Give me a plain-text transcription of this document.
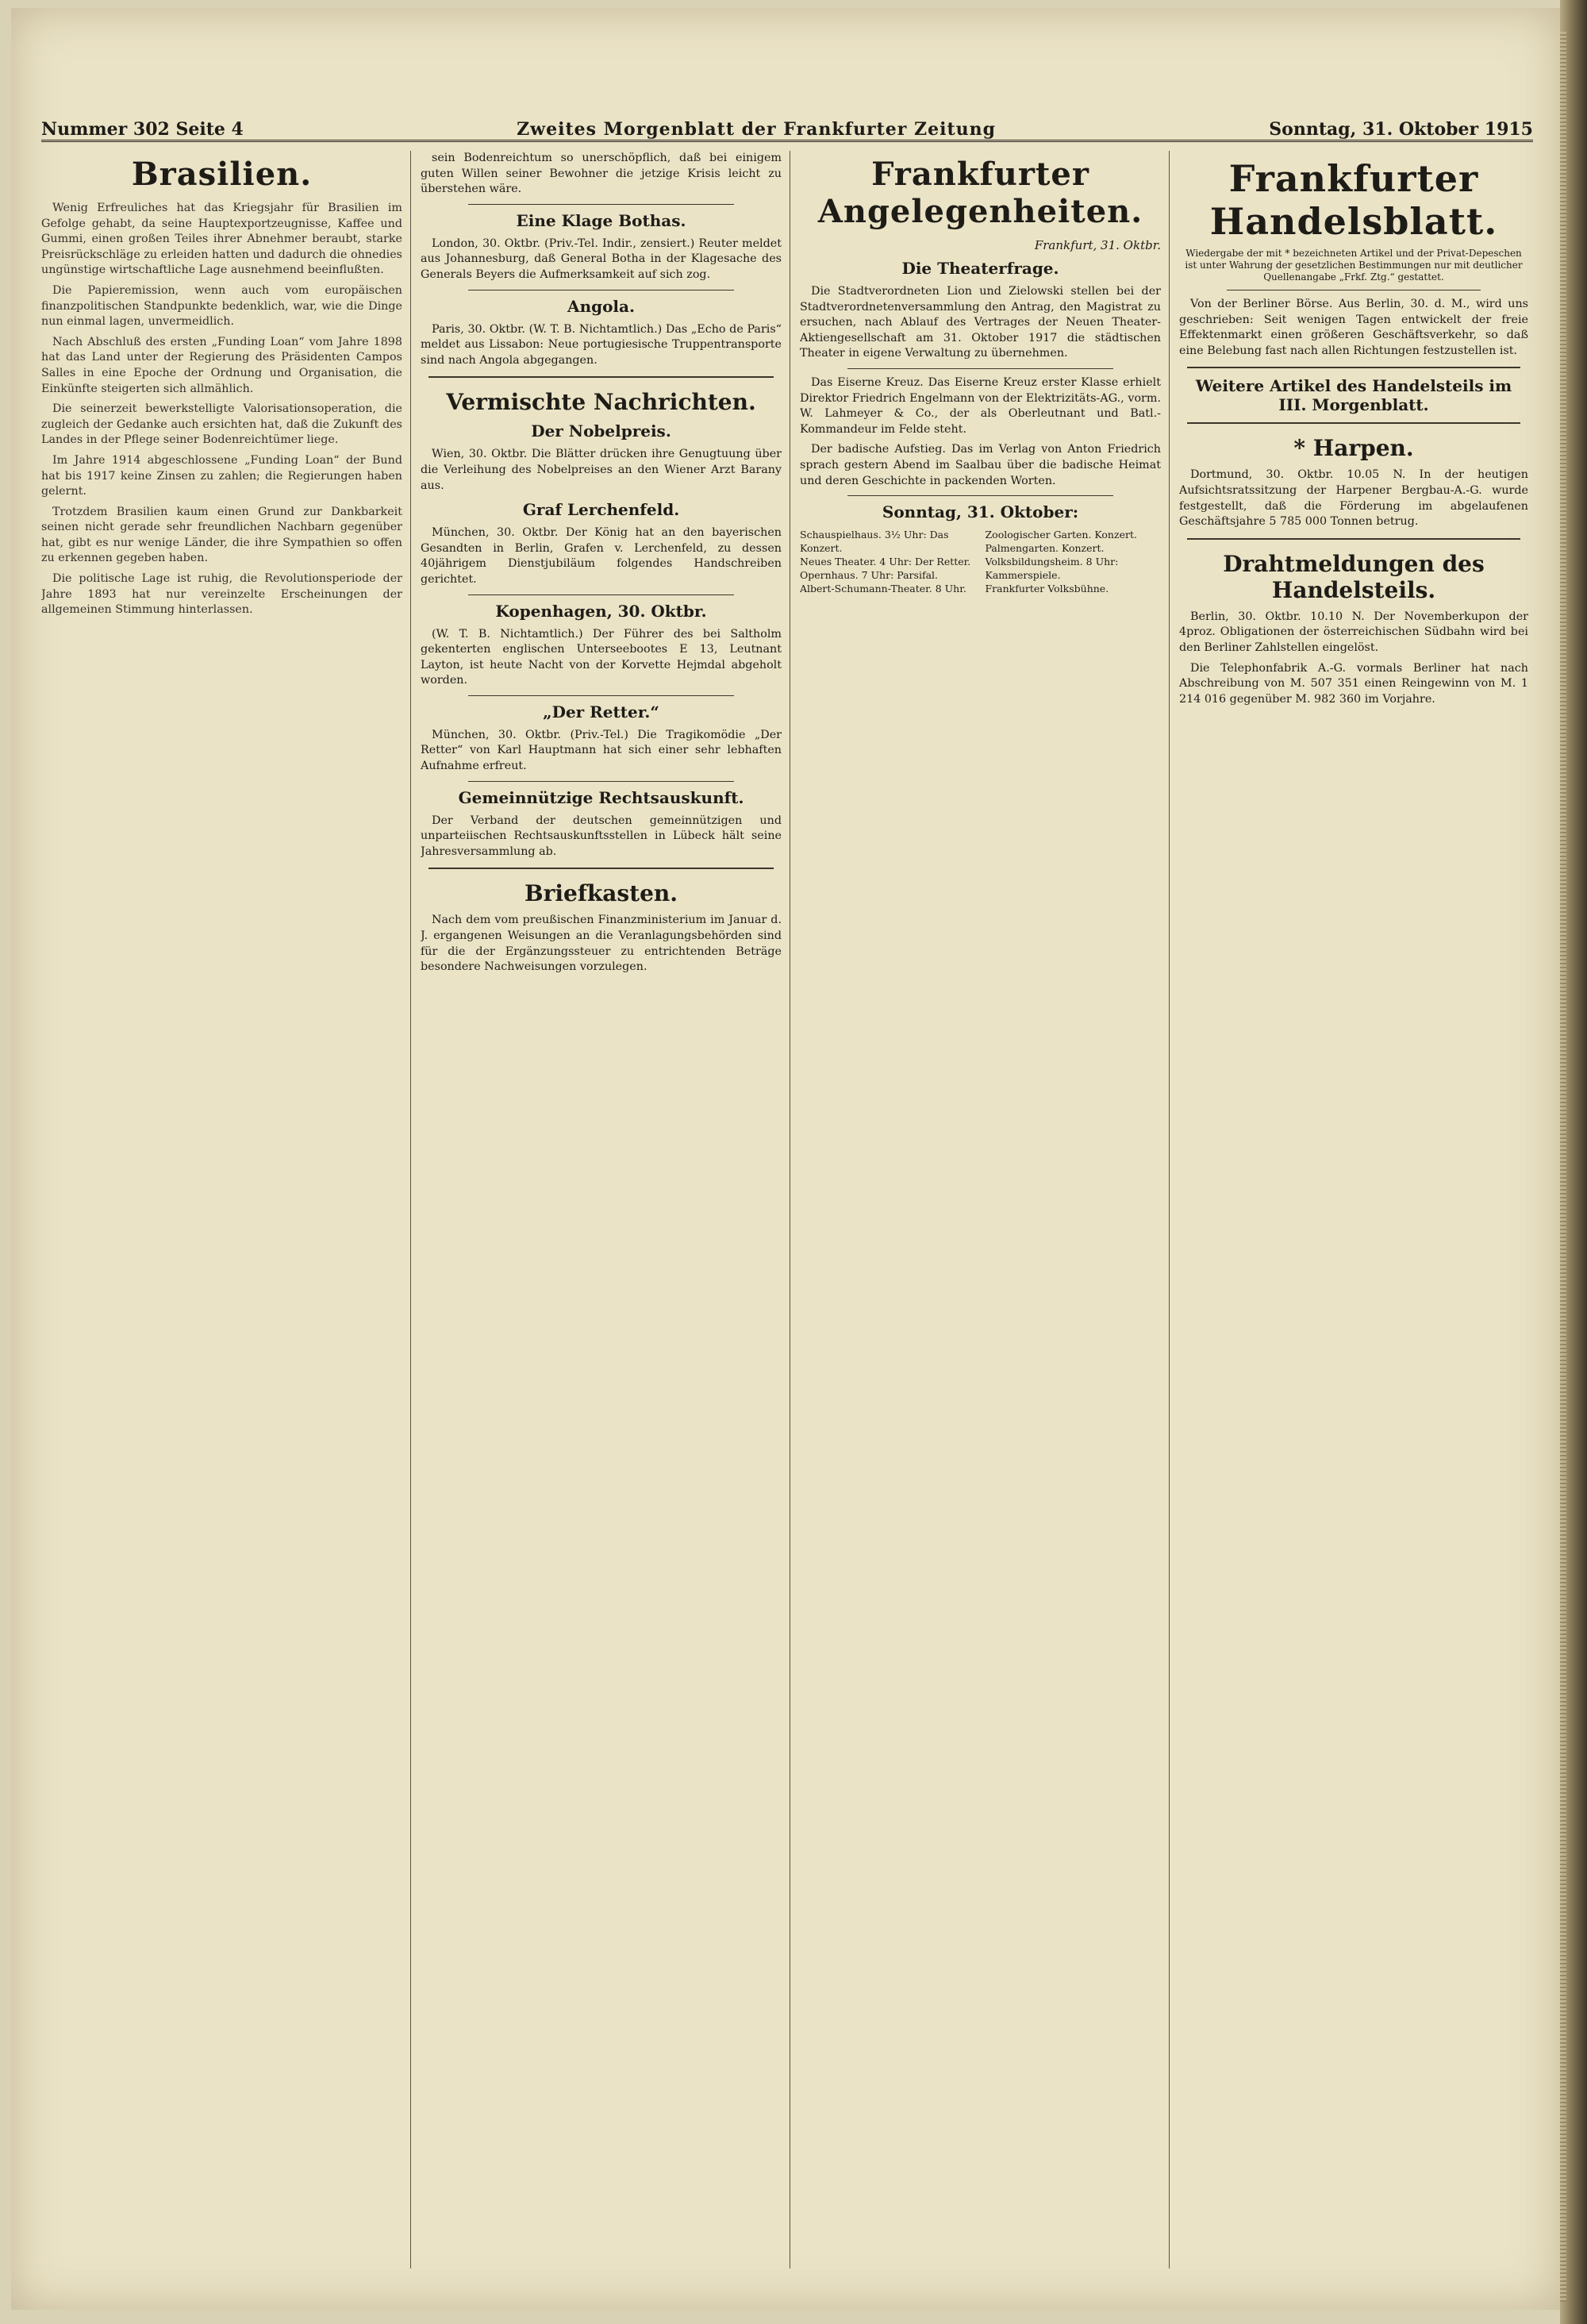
Nummer 302 Seite 4	Zweites Morgenblatt der Frankfurter Zeitung	Sonntag, 31. Oktober 1915
Brasilien.

Wenig Erfreuliches hat das Kriegsjahr für Brasilien im Gefolge gehabt, da seine Hauptexportzeugnisse, Kaffee und Gummi, einen großen Teiles ihrer Abnehmer beraubt, starke Preisrückschläge zu erleiden hatten und dadurch die ohnedies ungünstige wirtschaftliche Lage ausnehmend beeinflußten.

Die Papieremission, wenn auch vom europäischen finanzpolitischen Standpunkte bedenklich, war, wie die Dinge nun einmal lagen, unvermeidlich.

Nach Abschluß des ersten „Funding Loan“ vom Jahre 1898 hat das Land unter der Regierung des Präsidenten Campos Salles in eine Epoche der Ordnung und Organisation, die Einkünfte steigerten sich allmählich.

Die seinerzeit bewerkstelligte Valorisationsoperation, die zugleich der Gedanke auch ersichten hat, daß die Zukunft des Landes in der Pflege seiner Bodenreichtümer liege.

Im Jahre 1914 abgeschlossene „Funding Loan“ der Bund hat bis 1917 keine Zinsen zu zahlen; die Regierungen haben gelernt.

Trotzdem Brasilien kaum einen Grund zur Dankbarkeit seinen nicht gerade sehr freundlichen Nachbarn gegenüber hat, gibt es nur wenige Länder, die ihre Sympathien so offen zu erkennen gegeben haben.

Die politische Lage ist ruhig, die Revolutionsperiode der Jahre 1893 hat nur vereinzelte Erscheinungen der allgemeinen Stimmung hinterlassen.

sein Bodenreichtum so unerschöpflich, daß bei einigem guten Willen seiner Bewohner die jetzige Krisis leicht zu überstehen wäre.

Eine Klage Bothas.

London, 30. Oktbr. (Priv.-Tel. Indir., zensiert.) Reuter meldet aus Johannesburg, daß General Botha in der Klagesache des Generals Beyers die Aufmerksamkeit auf sich zog.

Angola.

Paris, 30. Oktbr. (W. T. B. Nichtamtlich.) Das „Echo de Paris“ meldet aus Lissabon: Neue portugiesische Truppentransporte sind nach Angola abgegangen.

Vermischte Nachrichten.
Der Nobelpreis.

Wien, 30. Oktbr. Die Blätter drücken ihre Genugtuung über die Verleihung des Nobelpreises an den Wiener Arzt Barany aus.

Graf Lerchenfeld.

München, 30. Oktbr. Der König hat an den bayerischen Gesandten in Berlin, Grafen v. Lerchenfeld, zu dessen 40jährigem Dienstjubiläum folgendes Handschreiben gerichtet.

Kopenhagen, 30. Oktbr.

(W. T. B. Nichtamtlich.) Der Führer des bei Saltholm gekenterten englischen Unterseebootes E 13, Leutnant Layton, ist heute Nacht von der Korvette Hejmdal abgeholt worden.

„Der Retter.“

München, 30. Oktbr. (Priv.-Tel.) Die Tragikomödie „Der Retter“ von Karl Hauptmann hat sich einer sehr lebhaften Aufnahme erfreut.

Gemeinnützige Rechtsauskunft.

Der Verband der deutschen gemeinnützigen und unparteiischen Rechtsauskunftsstellen in Lübeck hält seine Jahresversammlung ab.

Briefkasten.

Nach dem vom preußischen Finanzministerium im Januar d. J. ergangenen Weisungen an die Veranlagungsbehörden sind für die der Ergänzungssteuer zu entrichtenden Beträge besondere Nachweisungen vorzulegen.

Frankfurter Angelegenheiten.
Frankfurt, 31. Oktbr.
Die Theaterfrage.

Die Stadtverordneten Lion und Zielowski stellen bei der Stadtverordnetenversammlung den Antrag, den Magistrat zu ersuchen, nach Ablauf des Vertrages der Neuen Theater-Aktiengesellschaft am 31. Oktober 1917 die städtischen Theater in eigene Verwaltung zu übernehmen.

Das Eiserne Kreuz. Das Eiserne Kreuz erster Klasse erhielt Direktor Friedrich Engelmann von der Elektrizitäts-AG., vorm. W. Lahmeyer & Co., der als Oberleutnant und Batl.-Kommandeur im Felde steht.

Der badische Aufstieg. Das im Verlag von Anton Friedrich sprach gestern Abend im Saalbau über die badische Heimat und deren Geschichte in packenden Worten.

Sonntag, 31. Oktober:
Schauspielhaus. 3½ Uhr: Das Konzert.
Neues Theater. 4 Uhr: Der Retter.
Opernhaus. 7 Uhr: Parsifal.
Albert-Schumann-Theater. 8 Uhr.
Zoologischer Garten. Konzert.
Palmengarten. Konzert.
Volksbildungsheim. 8 Uhr: Kammerspiele.
Frankfurter Volksbühne.
Frankfurter Handelsblatt.

Wiedergabe der mit * bezeichneten Artikel und der Privat-Depeschen ist unter Wahrung der gesetzlichen Bestimmungen nur mit deutlicher Quellenangabe „Frkf. Ztg.“ gestattet.

Von der Berliner Börse. Aus Berlin, 30. d. M., wird uns geschrieben: Seit wenigen Tagen entwickelt der freie Effektenmarkt einen größeren Geschäftsverkehr, so daß eine Belebung fast nach allen Richtungen festzustellen ist.

Weitere Artikel des Handelsteils im III. Morgenblatt.
* Harpen.

Dortmund, 30. Oktbr. 10.05 N. In der heutigen Aufsichtsratssitzung der Harpener Bergbau-A.-G. wurde festgestellt, daß die Förderung im abgelaufenen Geschäftsjahre 5 785 000 Tonnen betrug.

Drahtmeldungen des Handelsteils.

Berlin, 30. Oktbr. 10.10 N. Der Novemberkupon der 4proz. Obligationen der österreichischen Südbahn wird bei den Berliner Zahlstellen eingelöst.

Die Telephonfabrik A.-G. vormals Berliner hat nach Abschreibung von M. 507 351 einen Reingewinn von M. 1 214 016 gegenüber M. 982 360 im Vorjahre.
